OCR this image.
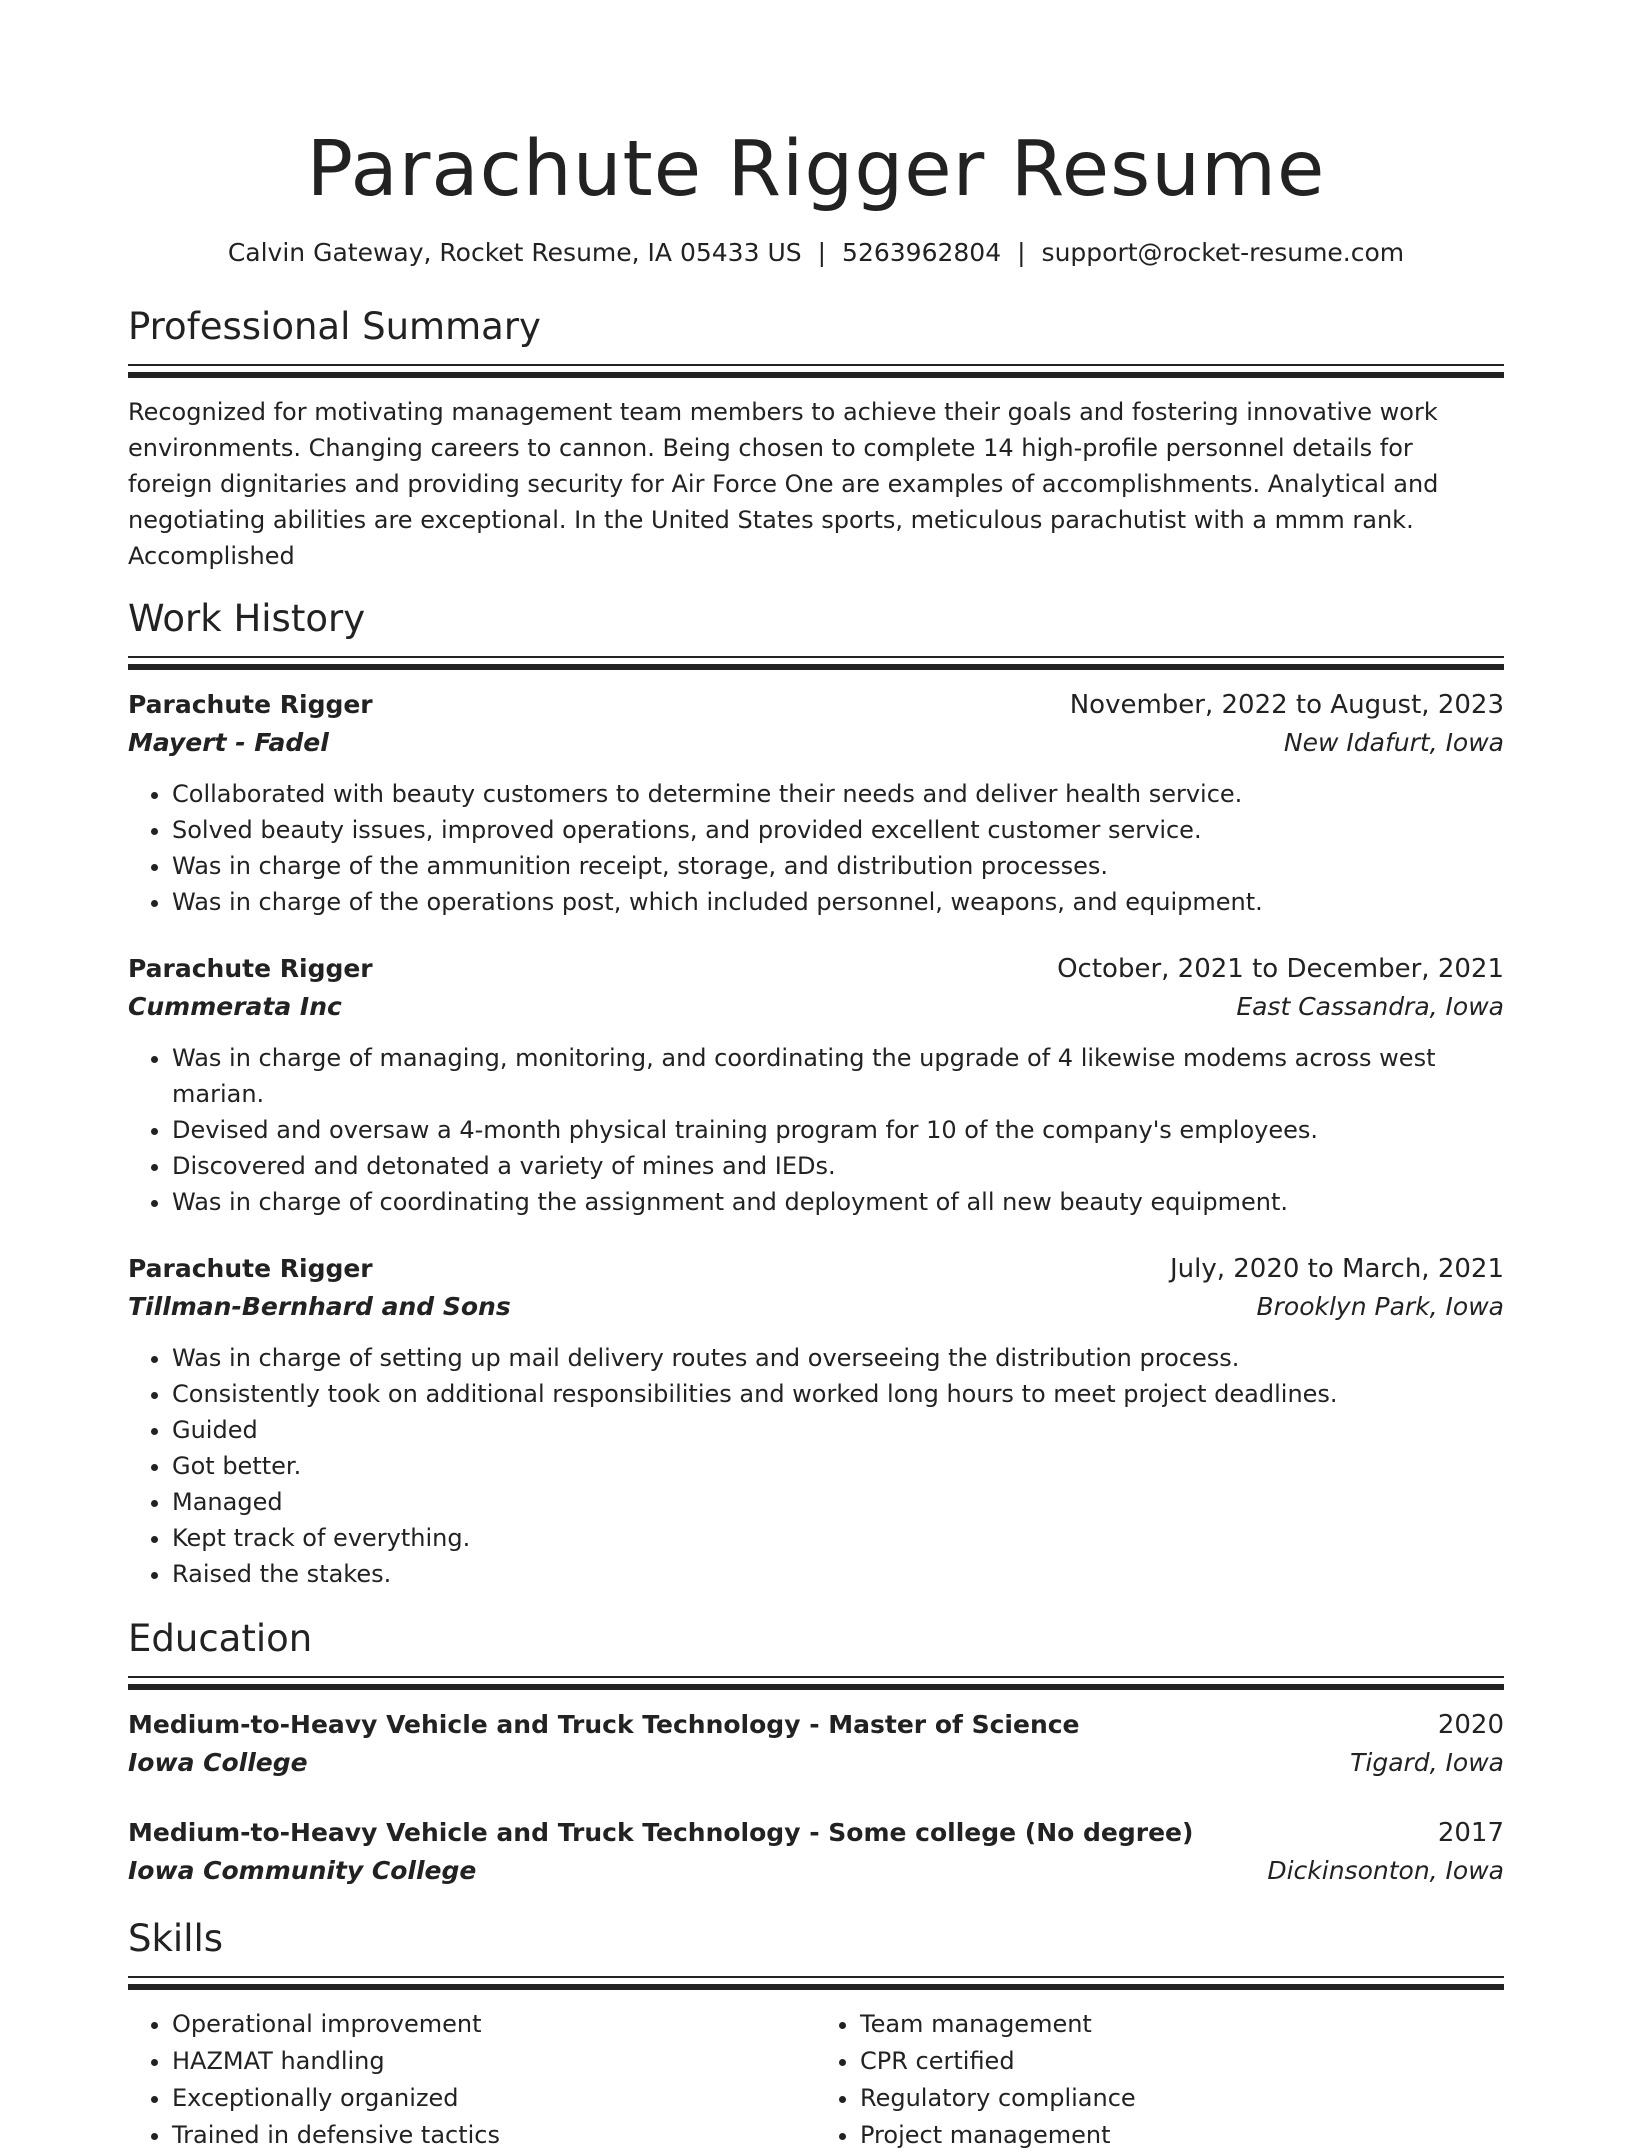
Parachute Rigger Resume
Calvin Gateway, Rocket Resume, IA 05433 US | 5263962804 | support@rocket-resume.com
Professional Summary

Recognized for motivating management team members to achieve their goals and fostering innovative work environments. Changing careers to cannon. Being chosen to complete 14 high-profile personnel details for foreign dignitaries and providing security for Air Force One are examples of accomplishments. Analytical and negotiating abilities are exceptional. In the United States sports, meticulous parachutist with a mmm rank. Accomplished

Work History
Parachute Rigger	November, 2022 to August, 2023
Mayert - Fadel	New Idafurt, Iowa
• Collaborated with beauty customers to determine their needs and deliver health service.
• Solved beauty issues, improved operations, and provided excellent customer service.
• Was in charge of the ammunition receipt, storage, and distribution processes.
• Was in charge of the operations post, which included personnel, weapons, and equipment.
Parachute Rigger	October, 2021 to December, 2021
Cummerata Inc	East Cassandra, Iowa
• Was in charge of managing, monitoring, and coordinating the upgrade of 4 likewise modems across west marian.
• Devised and oversaw a 4-month physical training program for 10 of the company's employees.
• Discovered and detonated a variety of mines and IEDs.
• Was in charge of coordinating the assignment and deployment of all new beauty equipment.
Parachute Rigger	July, 2020 to March, 2021
Tillman-Bernhard and Sons	Brooklyn Park, Iowa
• Was in charge of setting up mail delivery routes and overseeing the distribution process.
• Consistently took on additional responsibilities and worked long hours to meet project deadlines.
• Guided
• Got better.
• Managed
• Kept track of everything.
• Raised the stakes.
Education
Medium-to-Heavy Vehicle and Truck Technology - Master of Science	2020
Iowa College	Tigard, Iowa
Medium-to-Heavy Vehicle and Truck Technology - Some college (No degree)	2017
Iowa Community College	Dickinsonton, Iowa
Skills
• Operational improvement
• HAZMAT handling
• Exceptionally organized
• Trained in defensive tactics
• Team management
• CPR certified
• Regulatory compliance
• Project management
